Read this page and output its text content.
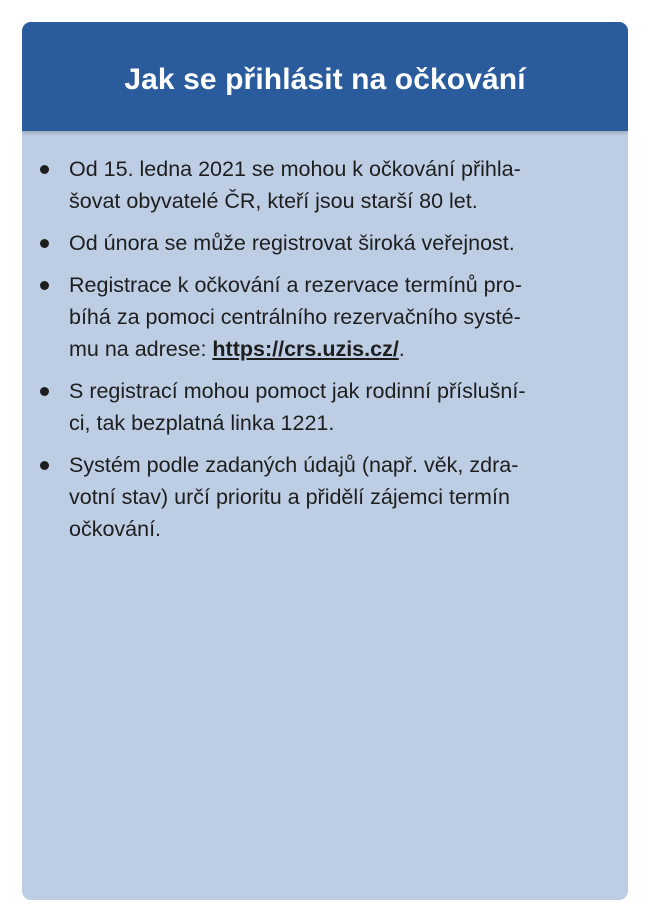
Jak se přihlásit na očkování
Od 15. ledna 2021 se mohou k očkování přihla-
šovat obyvatelé ČR, kteří jsou starší 80 let.
Od února se může registrovat široká veřejnost.
Registrace k očkování a rezervace termínů pro-
bíhá za pomoci centrálního rezervačního systé-
mu na adrese: https://crs.uzis.cz/.
S registrací mohou pomoct jak rodinní příslušní-
ci, tak bezplatná linka 1221.
Systém podle zadaných údajů (např. věk, zdra-
votní stav) určí prioritu a přidělí zájemci termín
očkování.
